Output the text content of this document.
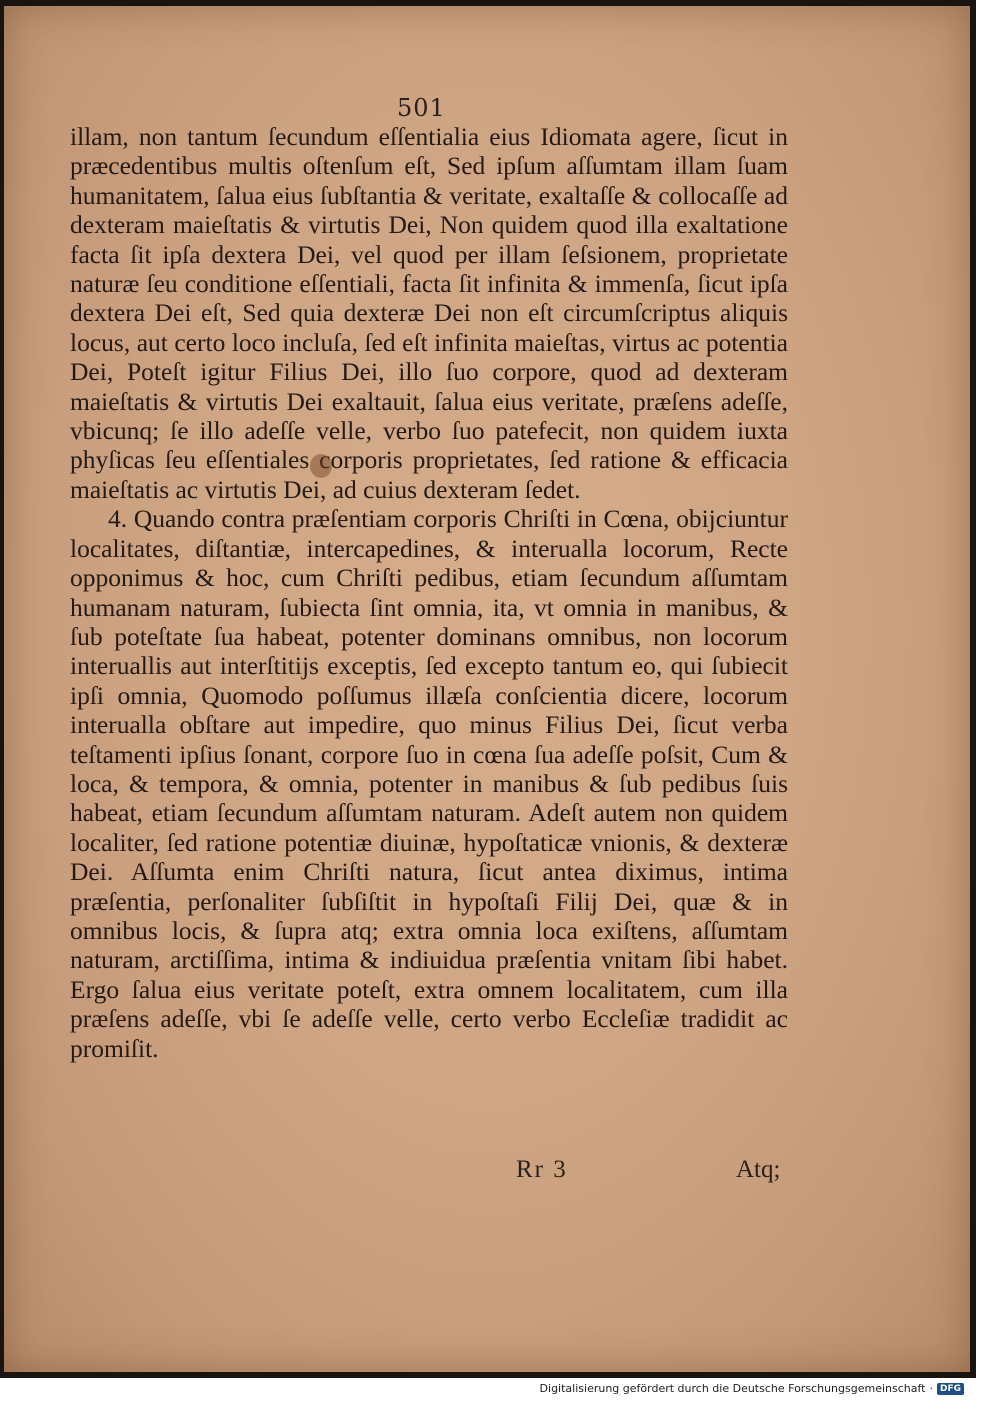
501

illam, non tantum ſecundum eſſentialia eius Idiomata agere, ſicut in præcedentibus multis oſtenſum eſt, Sed ipſum aſſumtam illam ſuam humanitatem, ſalua eius ſubſtantia & veritate, exaltaſſe & collocaſſe ad dexteram maieſtatis & virtutis Dei, Non quidem quod illa exaltatione facta ſit ipſa dextera Dei, vel quod per illam ſeſsionem, proprietate naturæ ſeu conditione eſſentiali, facta ſit infinita & immenſa, ſicut ipſa dextera Dei eſt, Sed quia dexteræ Dei non eſt circumſcriptus aliquis locus, aut certo loco incluſa, ſed eſt infinita maieſtas, virtus ac potentia Dei, Poteſt igitur Filius Dei, illo ſuo corpore, quod ad dexteram maieſtatis & virtutis Dei exaltauit, ſalua eius veritate, præſens adeſſe, vbicunq; ſe illo adeſſe velle, verbo ſuo patefecit, non quidem iuxta phyſicas ſeu eſſentiales corporis proprietates, ſed ratione & efficacia maieſtatis ac virtutis Dei, ad cuius dexteram ſedet.

4. Quando contra præſentiam corporis Chriſti in Cœna, obijciuntur localitates, diſtantiæ, intercapedines, & interualla locorum, Recte opponimus & hoc, cum Chriſti pedibus, etiam ſecundum aſſumtam humanam naturam, ſubiecta ſint omnia, ita, vt omnia in manibus, & ſub poteſtate ſua habeat, potenter dominans omnibus, non locorum interuallis aut interſtitijs exceptis, ſed excepto tantum eo, qui ſubiecit ipſi omnia, Quomodo poſſumus illæſa conſcientia dicere, locorum interualla obſtare aut impedire, quo minus Filius Dei, ſicut verba teſtamenti ipſius ſonant, corpore ſuo in cœna ſua adeſſe poſsit, Cum & loca, & tempora, & omnia, potenter in manibus & ſub pedibus ſuis habeat, etiam ſecundum aſſumtam naturam. Adeſt autem non quidem localiter, ſed ratione potentiæ diuinæ, hypoſtaticæ vnionis, & dexteræ Dei. Aſſumta enim Chriſti natura, ſicut antea diximus, intima præſentia, perſonaliter ſubſiſtit in hypoſtaſi Filij Dei, quæ & in omnibus locis, & ſupra atq; extra omnia loca exiſtens, aſſumtam naturam, arctiſſima, intima & indiuidua præſentia vnitam ſibi habet. Ergo ſalua eius veritate poteſt, extra omnem localitatem, cum illa præſens adeſſe, vbi ſe adeſſe velle, certo verbo Eccleſiæ tradidit ac promiſit.

Rr 3	Atq;
Digitalisierung gefördert durch die Deutsche Forschungsgemeinschaft · DFG
